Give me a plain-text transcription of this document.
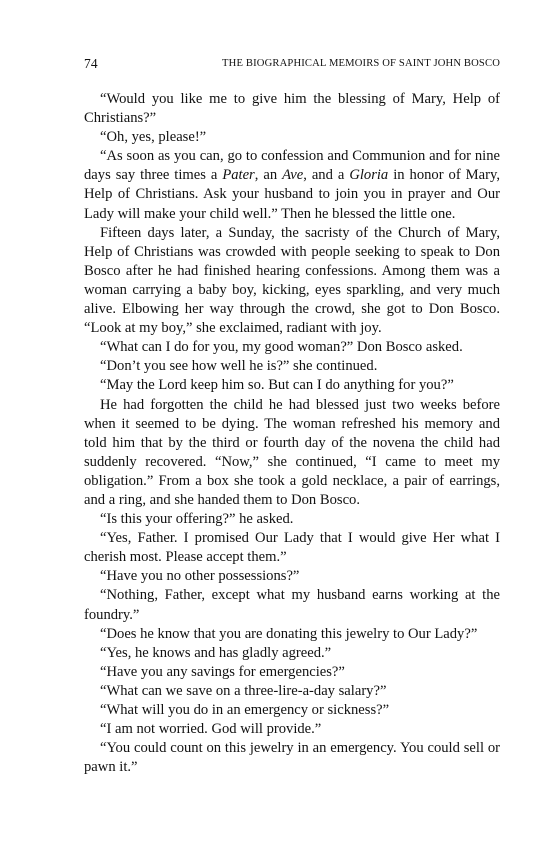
74	THE BIOGRAPHICAL MEMOIRS OF SAINT JOHN BOSCO

“Would you like me to give him the blessing of Mary, Help of Christians?”

“Oh, yes, please!”

“As soon as you can, go to confession and Communion and for nine days say three times a Pater, an Ave, and a Gloria in honor of Mary, Help of Christians. Ask your husband to join you in prayer and Our Lady will make your child well.” Then he blessed the little one.

Fifteen days later, a Sunday, the sacristy of the Church of Mary, Help of Christians was crowded with people seeking to speak to Don Bosco after he had finished hearing confessions. Among them was a woman carrying a baby boy, kicking, eyes sparkling, and very much alive. Elbowing her way through the crowd, she got to Don Bosco. “Look at my boy,” she exclaimed, radiant with joy.

“What can I do for you, my good woman?” Don Bosco asked.

“Don’t you see how well he is?” she continued.

“May the Lord keep him so. But can I do anything for you?”

He had forgotten the child he had blessed just two weeks before when it seemed to be dying. The woman refreshed his memory and told him that by the third or fourth day of the novena the child had suddenly recovered. “Now,” she continued, “I came to meet my obligation.” From a box she took a gold necklace, a pair of earrings, and a ring, and she handed them to Don Bosco.

“Is this your offering?” he asked.

“Yes, Father. I promised Our Lady that I would give Her what I cherish most. Please accept them.”

“Have you no other possessions?”

“Nothing, Father, except what my husband earns working at the foundry.”

“Does he know that you are donating this jewelry to Our Lady?”

“Yes, he knows and has gladly agreed.”

“Have you any savings for emergencies?”

“What can we save on a three-lire-a-day salary?”

“What will you do in an emergency or sickness?”

“I am not worried. God will provide.”

“You could count on this jewelry in an emergency. You could sell or pawn it.”
